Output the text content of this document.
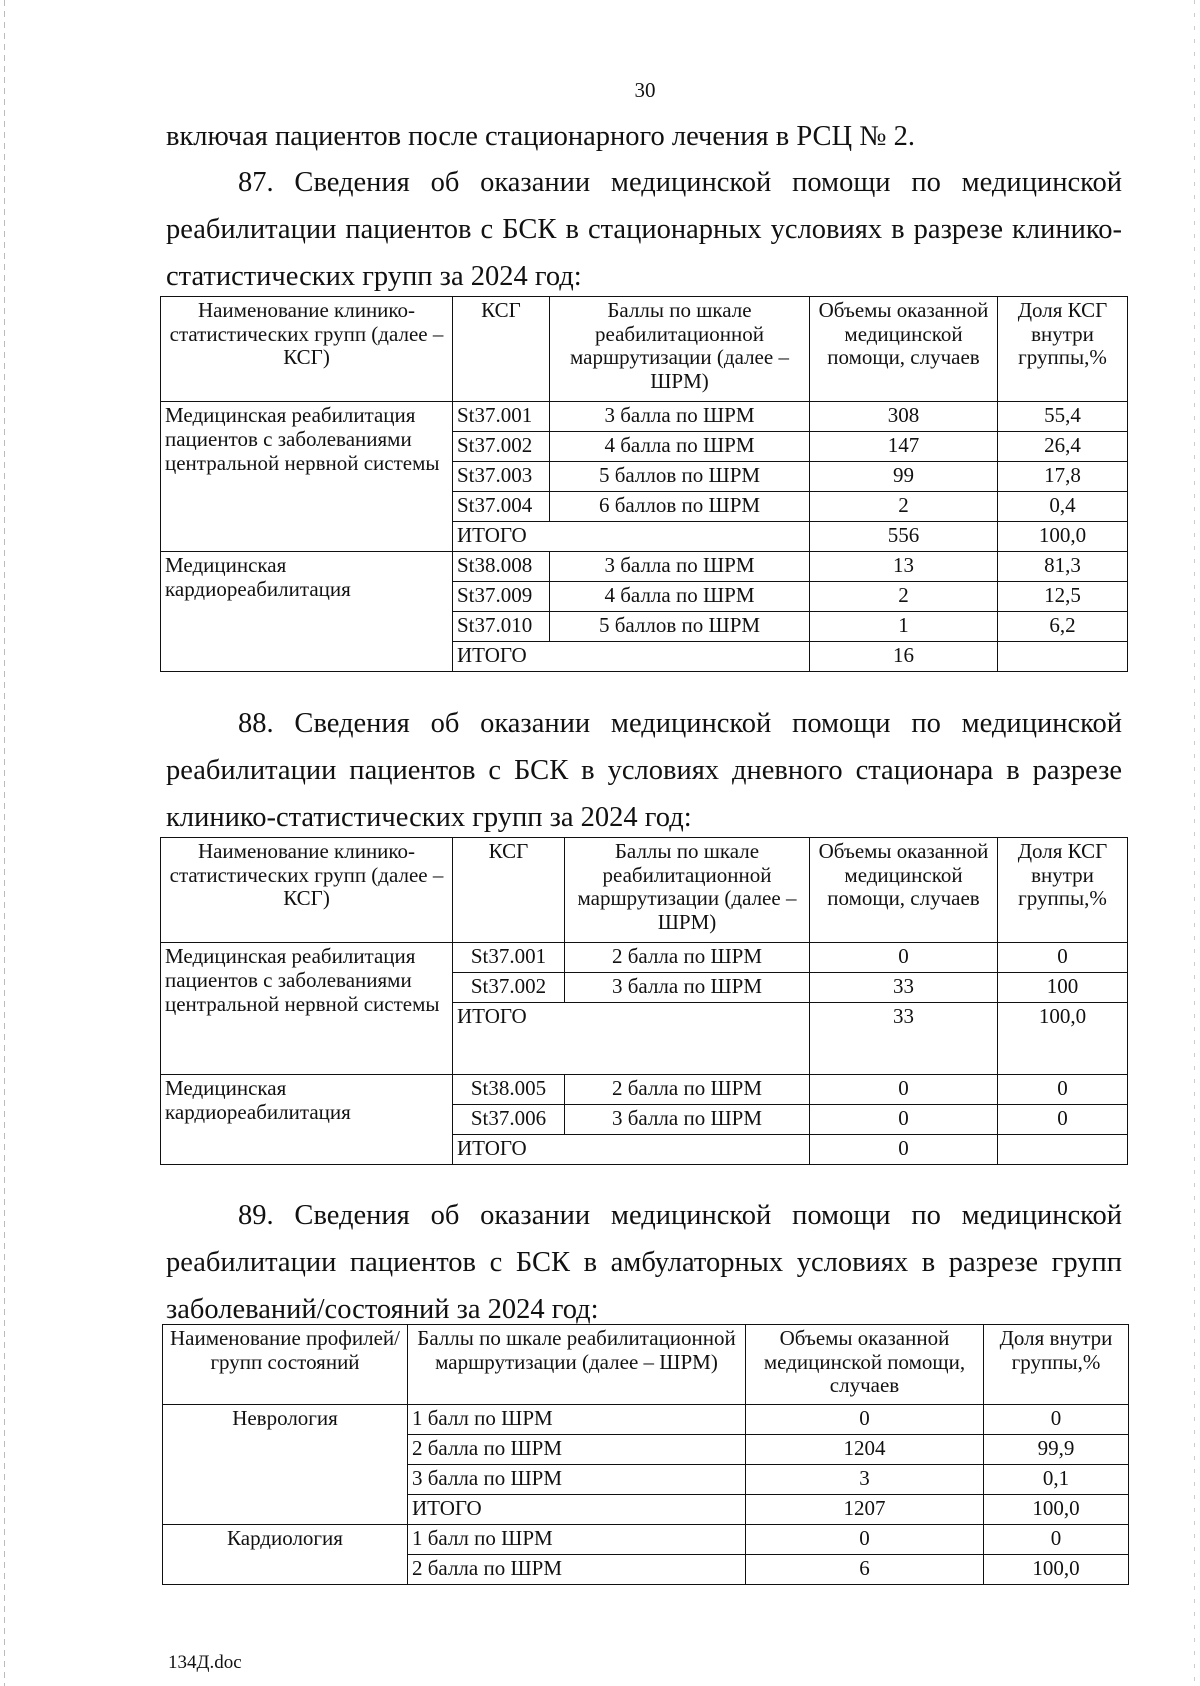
30
включая пациентов после стационарного лечения в РСЦ № 2.
87. Сведения об оказании медицинской помощи по медицинской реабилитации пациентов с БСК в стационарных условиях в разрезе клинико-статистических групп за 2024 год:
Наименование клинико-статистических групп (далее – КСГ)	КСГ	Баллы по шкале реабилитационной маршрутизации (далее – ШРМ)	Объемы оказанной медицинской помощи, случаев	Доля КСГ внутри группы,%
Медицинская реабилитация пациентов с заболеваниями центральной нервной системы	St37.001	3 балла по ШРМ	308	55,4
	St37.002	4 балла по ШРМ	147	26,4
	St37.003	5 баллов по ШРМ	99	17,8
	St37.004	6 баллов по ШРМ	2	0,4
	ИТОГО		556	100,0
Медицинская кардиореабилитация	St38.008	3 балла по ШРМ	13	81,3
	St37.009	4 балла по ШРМ	2	12,5
	St37.010	5 баллов по ШРМ	1	6,2
	ИТОГО		16	
88. Сведения об оказании медицинской помощи по медицинской реабилитации пациентов с БСК в условиях дневного стационара в разрезе клинико-статистических групп за 2024 год:
Наименование клинико-статистических групп (далее – КСГ)	КСГ	Баллы по шкале реабилитационной маршрутизации (далее – ШРМ)	Объемы оказанной медицинской помощи, случаев	Доля КСГ внутри группы,%
Медицинская реабилитация пациентов с заболеваниями центральной нервной системы	St37.001	2 балла по ШРМ	0	0
	St37.002	3 балла по ШРМ	33	100
	ИТОГО		33	100,0
Медицинская кардиореабилитация	St38.005	2 балла по ШРМ	0	0
	St37.006	3 балла по ШРМ	0	0
	ИТОГО		0	
89. Сведения об оказании медицинской помощи по медицинской реабилитации пациентов с БСК в амбулаторных условиях в разрезе групп заболеваний/состояний за 2024 год:
Наименование профилей/групп состояний	Баллы по шкале реабилитационной маршрутизации (далее – ШРМ)	Объемы оказанной медицинской помощи, случаев	Доля внутри группы,%
Неврология	1 балл по ШРМ	0	0
	2 балла по ШРМ	1204	99,9
	3 балла по ШРМ	3	0,1
	ИТОГО	1207	100,0
Кардиология	1 балл по ШРМ	0	0
	2 балла по ШРМ	6	100,0
134Д.doc
